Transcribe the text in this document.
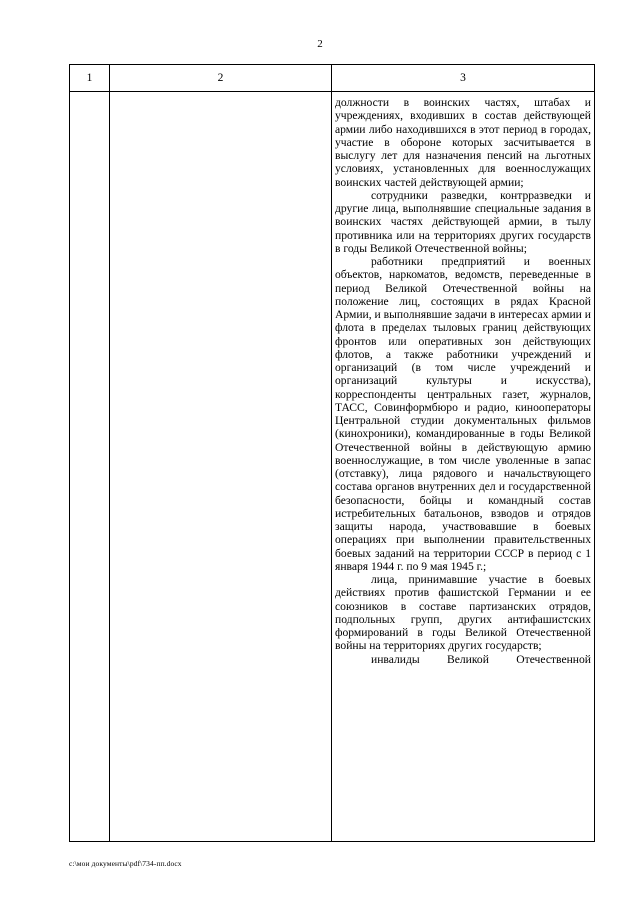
2
1	2	3

		должности в воинских частях, штабах и учреждениях, входивших в состав действующей армии либо находившихся в этот период в городах, участие в обороне которых засчитывается в выслугу лет для назначения пенсий на льготных условиях, установленных для военнослужащих воинских частей действующей армии;

сотрудники разведки, контрразведки и другие лица, выполнявшие специальные задания в воинских частях действующей армии, в тылу противника или на территориях других государств в годы Великой Отечественной войны;

работники предприятий и военных объектов, наркоматов, ведомств, переведенные в период Великой Отечественной войны на положение лиц, состоящих в рядах Красной Армии, и выполнявшие задачи в интересах армии и флота в пределах тыловых границ действующих фронтов или оперативных зон действующих флотов, а также работники учреждений и организаций (в том числе учреждений и организаций культуры и искусства), корреспонденты центральных газет, журналов, ТАСС, Совинформбюро и радио, кинооператоры Центральной студии документальных фильмов (кинохроники), командированные в годы Великой Отечественной войны в действующую армию военнослужащие, в том числе уволенные в запас (отставку), лица рядового и начальствующего состава органов внутренних дел и государственной безопасности, бойцы и командный состав истребительных батальонов, взводов и отрядов защиты народа, участвовавшие в боевых операциях при выполнении правительственных боевых заданий на территории СССР в период с 1 января 1944 г. по 9 мая 1945 г.;

лица, принимавшие участие в боевых действиях против фашистской Германии и ее союзников в составе партизанских отрядов, подпольных групп, других антифашистских формирований в годы Великой Отечественной войны на территориях других государств;

инвалиды Великой Отечественной

c:\мои документы\pdf\734-пп.docx
